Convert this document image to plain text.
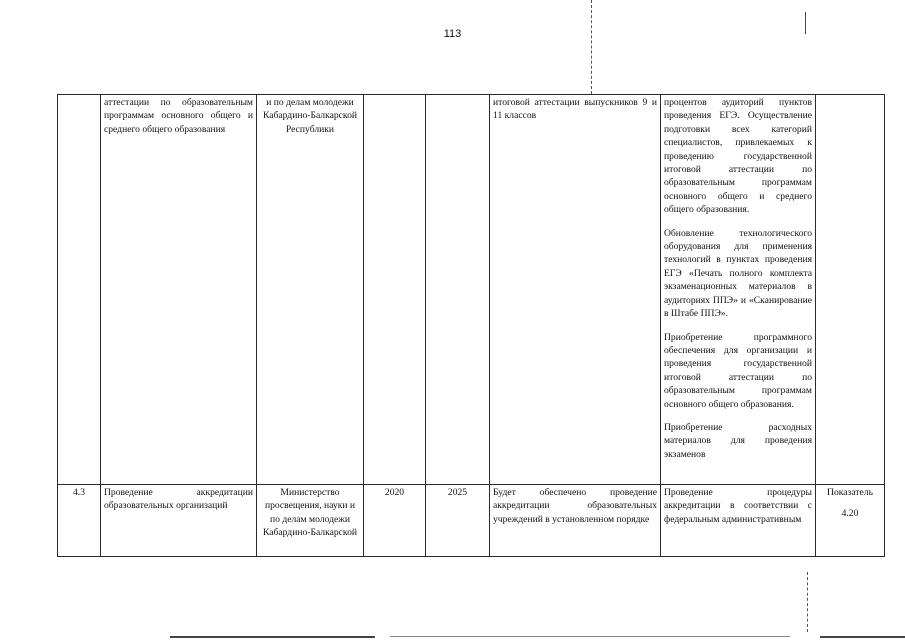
113
	аттестации по образовательным программам основного общего и среднего общего образования	и по делам молодежи Кабардино-Балкарской Республики			итоговой аттестации выпускников 9 и 11 классов	процентов аудиторий пунктов проведения ЕГЭ. Осуществление подготовки всех категорий специалистов, привлекаемых к проведению государственной итоговой аттестации по образовательным программам основного общего и среднего общего образования.
Обновление технологического оборудования для применения технологий в пунктах проведения ЕГЭ «Печать полного комплекта экзаменационных материалов в аудиториях ППЭ» и «Сканирование в Штабе ППЭ».
Приобретение программного обеспечения для организации и проведения государственной итоговой аттестации по образовательным программам основного общего образования.
Приобретение расходных материалов для проведения экзаменов	

4.3	Проведение аккредитации образовательных организаций	Министерство просвещения, науки и по делам молодежи Кабардино-Балкарской	2020	2025	Будет обеспечено проведение аккредитации образовательных учреждений в установленном порядке	Проведение процедуры аккредитации в соответствии с федеральным административным	Показатель
4.20
